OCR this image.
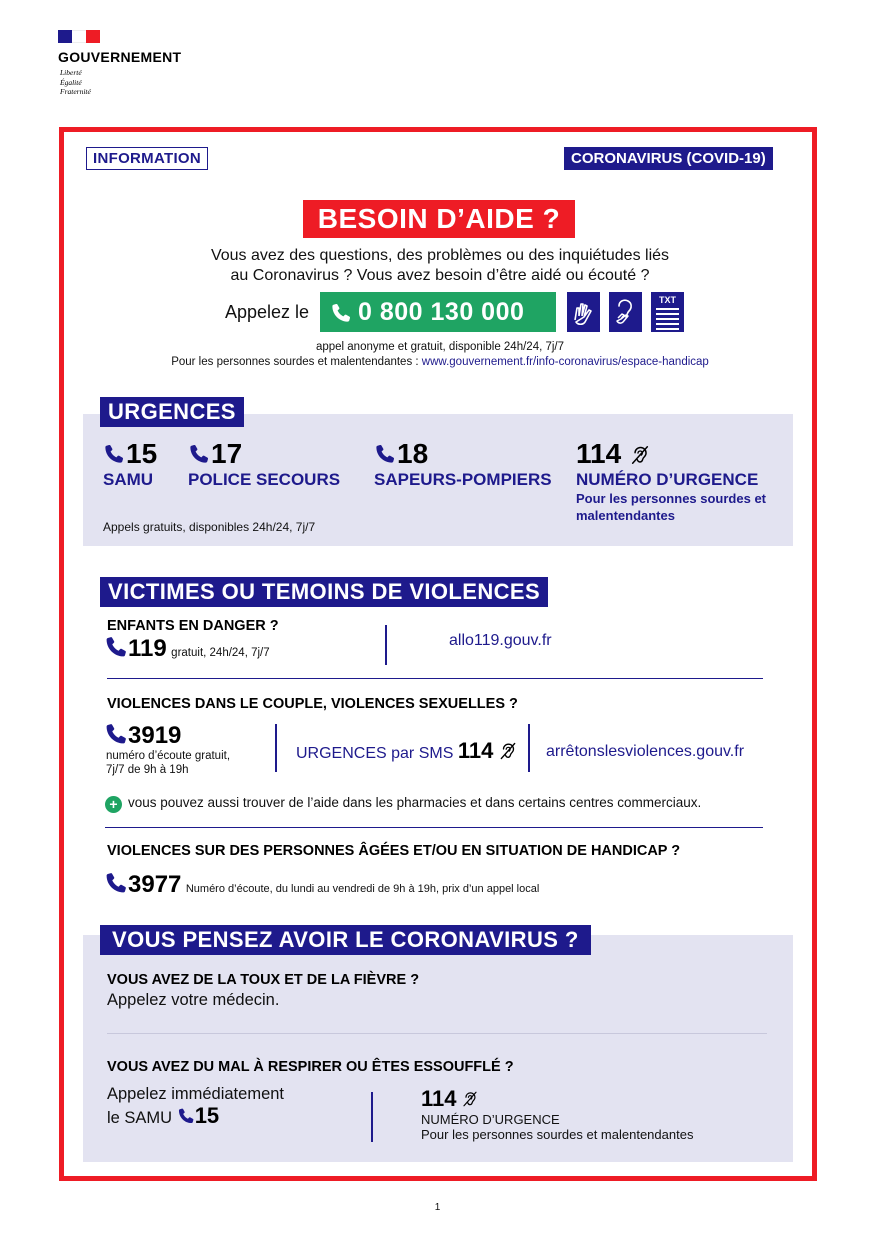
GOUVERNEMENT
Liberté
Égalité
Fraternité
INFORMATION	CORONAVIRUS (COVID-19)
BESOIN D’AIDE ?
Vous avez des questions, des problèmes ou des inquiétudes liés
au Coronavirus ? Vous avez besoin d’être aidé ou écouté ?
Appelez le	0 800 130 000	TXT
appel anonyme et gratuit, disponible 24h/24, 7j/7
Pour les personnes sourdes et malentendantes : www.gouvernement.fr/info-coronavirus/espace-handicap
URGENCES
15
SAMU
17
POLICE SECOURS
18
SAPEURS-POMPIERS
114
NUMÉRO D’URGENCE
Pour les personnes sourdes et
malentendantes
Appels gratuits, disponibles 24h/24, 7j/7
VICTIMES OU TEMOINS DE VIOLENCES
ENFANTS EN DANGER ?
119 gratuit, 24h/24, 7j/7
allo119.gouv.fr
VIOLENCES DANS LE COUPLE, VIOLENCES SEXUELLES ?
3919
numéro d’écoute gratuit,
7j/7 de 9h à 19h
URGENCES par SMS 114	arrêtonslesviolences.gouv.fr
+ vous pouvez aussi trouver de l’aide dans les pharmacies et dans certains centres commerciaux.
VIOLENCES SUR DES PERSONNES ÂGÉES ET/OU EN SITUATION DE HANDICAP ?
3977 Numéro d’écoute, du lundi au vendredi de 9h à 19h, prix d’un appel local
VOUS PENSEZ AVOIR LE CORONAVIRUS ?
VOUS AVEZ DE LA TOUX ET DE LA FIÈVRE ?
Appelez votre médecin.
VOUS AVEZ DU MAL À RESPIRER OU ÊTES ESSOUFFLÉ ?
Appelez immédiatement
le SAMU 15
114
NUMÉRO D’URGENCE
Pour les personnes sourdes et malentendantes
1
